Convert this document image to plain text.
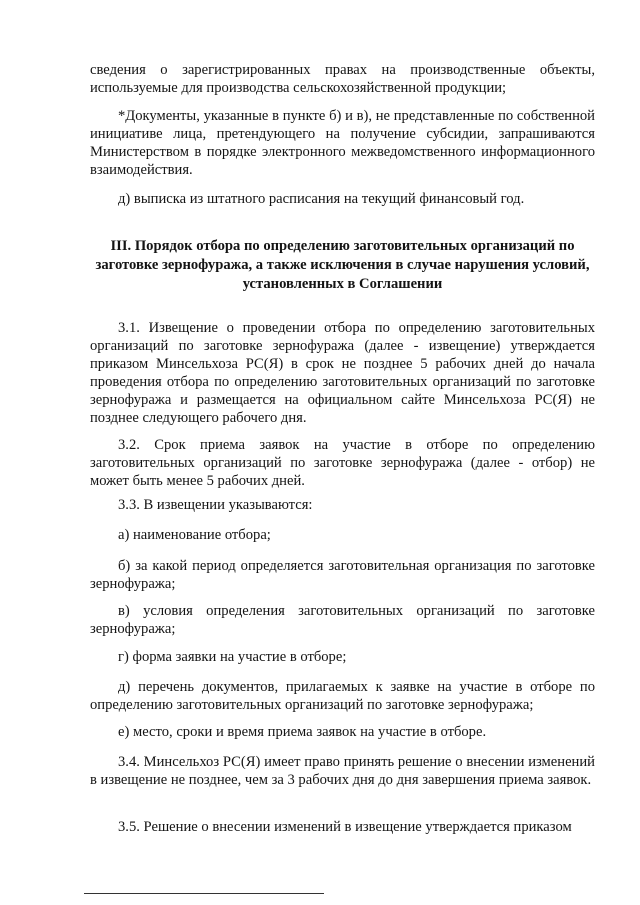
сведения о зарегистрированных правах на производственные объекты, используемые для производства сельскохозяйственной продукции;

*Документы, указанные в пункте б) и в), не представленные по собственной инициативе лица, претендующего на получение субсидии, запрашиваются Министерством в порядке электронного межведомственного информационного взаимодействия.

д) выписка из штатного расписания на текущий финансовый год.

III. Порядок отбора по определению заготовительных организаций по заготовке зернофуража, а также исключения в случае нарушения условий, установленных в Соглашении

3.1. Извещение о проведении отбора по определению заготовительных организаций по заготовке зернофуража (далее - извещение) утверждается приказом Минсельхоза РС(Я) в срок не позднее 5 рабочих дней до начала проведения отбора по определению заготовительных организаций по заготовке зернофуража и размещается на официальном сайте Минсельхоза РС(Я) не позднее следующего рабочего дня.

3.2. Срок приема заявок на участие в отборе по определению заготовительных организаций по заготовке зернофуража (далее - отбор) не может быть менее 5 рабочих дней.

3.3. В извещении указываются:

а) наименование отбора;

б) за какой период определяется заготовительная организация по заготовке зернофуража;

в) условия определения заготовительных организаций по заготовке зернофуража;

г) форма заявки на участие в отборе;

д) перечень документов, прилагаемых к заявке на участие в отборе по определению заготовительных организаций по заготовке зернофуража;

е) место, сроки и время приема заявок на участие в отборе.

3.4. Минсельхоз РС(Я) имеет право принять решение о внесении изменений в извещение не позднее, чем за 3 рабочих дня до дня завершения приема заявок.

3.5. Решение о внесении изменений в извещение утверждается приказом
